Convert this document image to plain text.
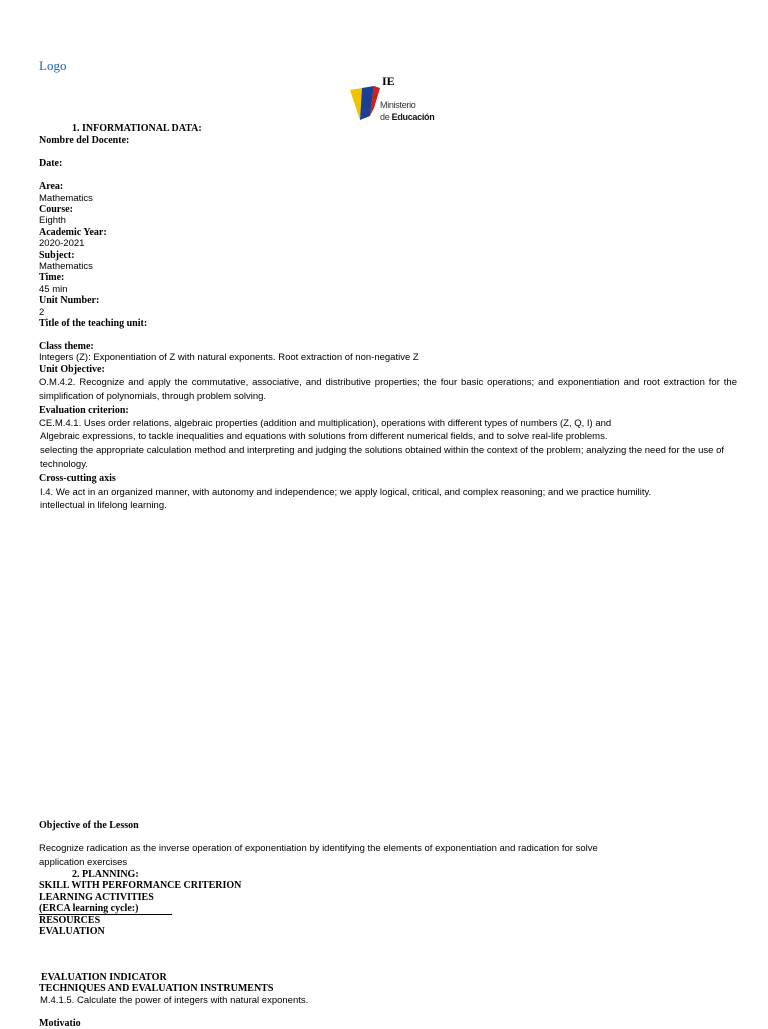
Logo
IE
Ministerio
de Educación
1. INFORMATIONAL DATA:
Nombre del Docente:
Date:
Area:
Mathematics
Course:
Eighth
Academic Year:
2020-2021
Subject:
Mathematics
Time:
45 min
Unit Number:
2
Title of the teaching unit:
Class theme:
Integers (Z): Exponentiation of Z with natural exponents. Root extraction of non-negative Z
Unit Objective:
O.M.4.2. Recognize and apply the commutative, associative, and distributive properties; the four basic operations; and exponentiation and root extraction for the simplification of polynomials, through problem solving.
Evaluation criterion:
CE.M.4.1. Uses order relations, algebraic properties (addition and multiplication), operations with different types of numbers (Z, Q, I) and
Algebraic expressions, to tackle inequalities and equations with solutions from different numerical fields, and to solve real-life problems.
selecting the appropriate calculation method and interpreting and judging the solutions obtained within the context of the problem; analyzing the need for the use of technology.
Cross-cutting axis
I.4. We act in an organized manner, with autonomy and independence; we apply logical, critical, and complex reasoning; and we practice humility.
intellectual in lifelong learning.
Objective of the Lesson
Recognize radication as the inverse operation of exponentiation by identifying the elements of exponentiation and radication for solve application exercises
2. PLANNING:
SKILL WITH PERFORMANCE CRITERION
LEARNING ACTIVITIES
(ERCA learning cycle:)
RESOURCES
EVALUATION
EVALUATION INDICATOR
TECHNIQUES AND EVALUATION INSTRUMENTS
M.4.1.5. Calculate the power of integers with natural exponents.
Motivatio
